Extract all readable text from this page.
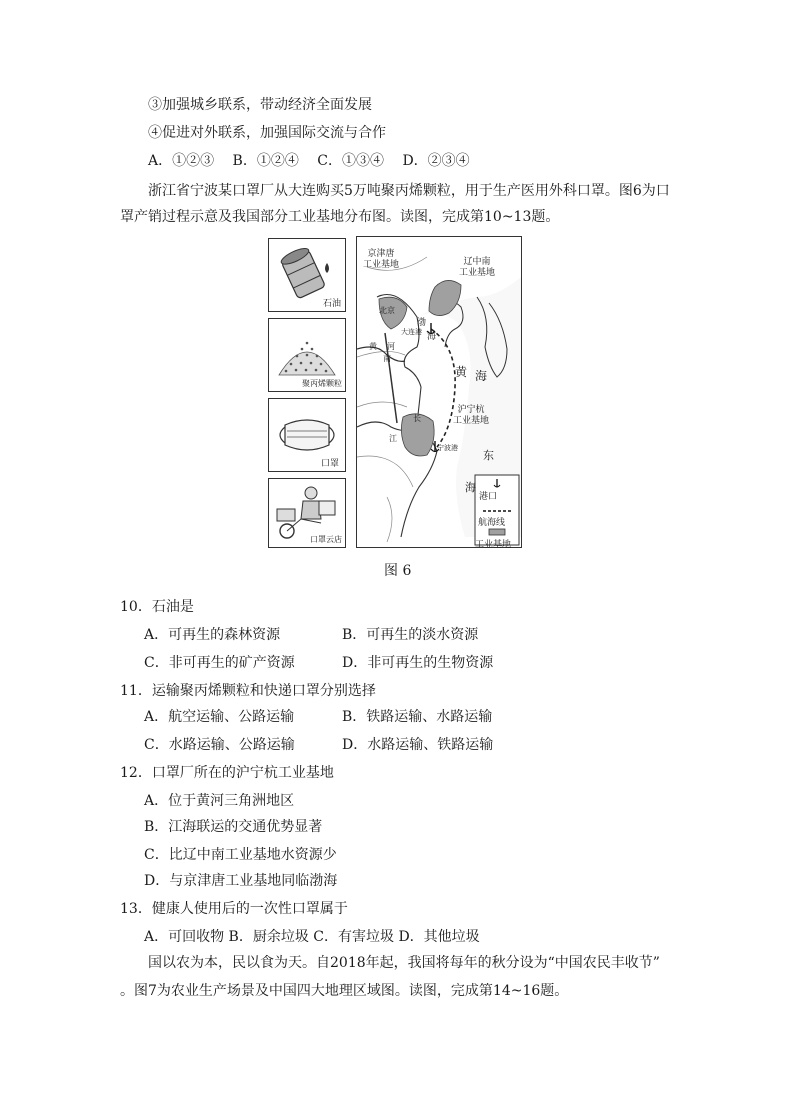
③加强城乡联系，带动经济全面发展
④促进对外联系，加强国际交流与合作
A．①②③　 B．①②④　 C．①③④　 D．②③④
浙江省宁波某口罩厂从大连购买5万吨聚丙烯颗粒，用于生产医用外科口罩。图6为口
罩产销过程示意及我国部分工业基地分布图。读图，完成第10~13题。
石油
聚丙烯颗粒
口罩
口罩云店
京津唐
工业基地	辽中南
工业基地
北京
渤
海
大连港
河
南
黄
黄 海
沪宁杭
工业基地
长
江
宁波港
东
海
港口
航海线
工业基地
图 6
10．石油是
A．可再生的森林资源	B．可再生的淡水资源
C．非可再生的矿产资源	D．非可再生的生物资源
11．运输聚丙烯颗粒和快递口罩分别选择
A．航空运输、公路运输	B．铁路运输、水路运输
C．水路运输、公路运输	D．水路运输、铁路运输
12．口罩厂所在的沪宁杭工业基地
A．位于黄河三角洲地区
B．江海联运的交通优势显著
C．比辽中南工业基地水资源少
D．与京津唐工业基地同临渤海
13．健康人使用后的一次性口罩属于
A．可回收物 B．厨余垃圾 C．有害垃圾 D．其他垃圾
国以农为本，民以食为天。自2018年起，我国将每年的秋分设为“中国农民丰收节”
。图7为农业生产场景及中国四大地理区域图。读图，完成第14~16题。
